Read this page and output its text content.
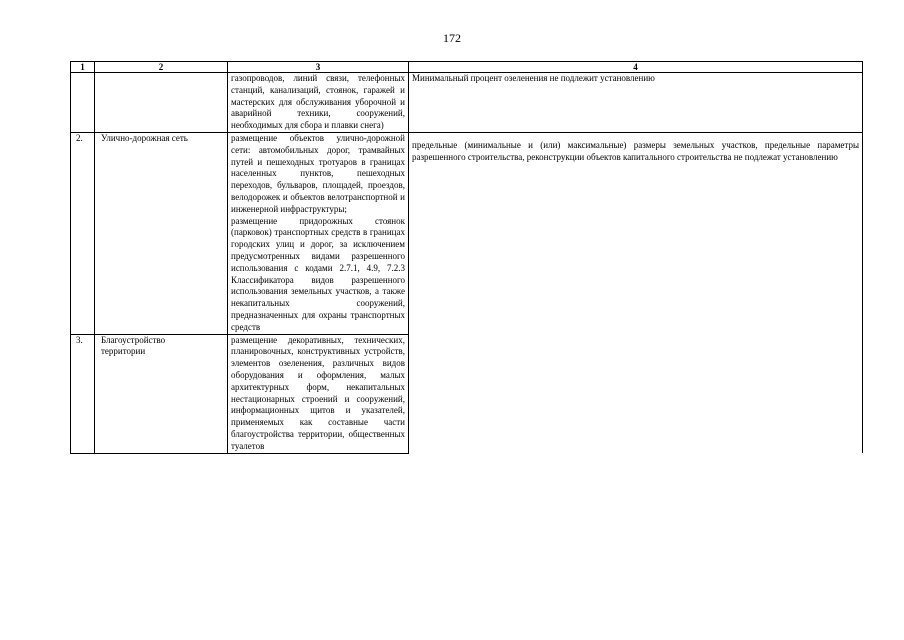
172
1	2	3	4
		газопроводов, линий связи, телефонных станций, канализаций, стоянок, гаражей и мастерских для обслуживания уборочной и аварийной техники, сооружений, необходимых для сбора и плавки снега)	Минимальный процент озеленения не подлежит установлению
2.	Улично-дорожная сеть	размещение объектов улично-дорожной сети: автомобильных дорог, трамвайных путей и пешеходных тротуаров в границах населенных пунктов, пешеходных переходов, бульваров, площадей, проездов, велодорожек и объектов велотранспортной и инженерной инфраструктуры;
размещение придорожных стоянок (парковок) транспортных средств в границах городских улиц и дорог, за исключением предусмотренных видами разрешенного использования с кодами 2.7.1, 4.9, 7.2.3 Классификатора видов разрешенного использования земельных участков, а также некапитальных сооружений, предназначенных для охраны транспортных средств	предельные (минимальные и (или) максимальные) размеры земельных участков, предельные параметры разрешенного строительства, реконструкции объектов капитального строительства не подлежат установлению
3.	Благоустройство территории	размещение декоративных, технических, планировочных, конструктивных устройств, элементов озеленения, различных видов оборудования и оформления, малых архитектурных форм, некапитальных нестационарных строений и сооружений, информационных щитов и указателей, применяемых как составные части благоустройства территории, общественных туалетов	
